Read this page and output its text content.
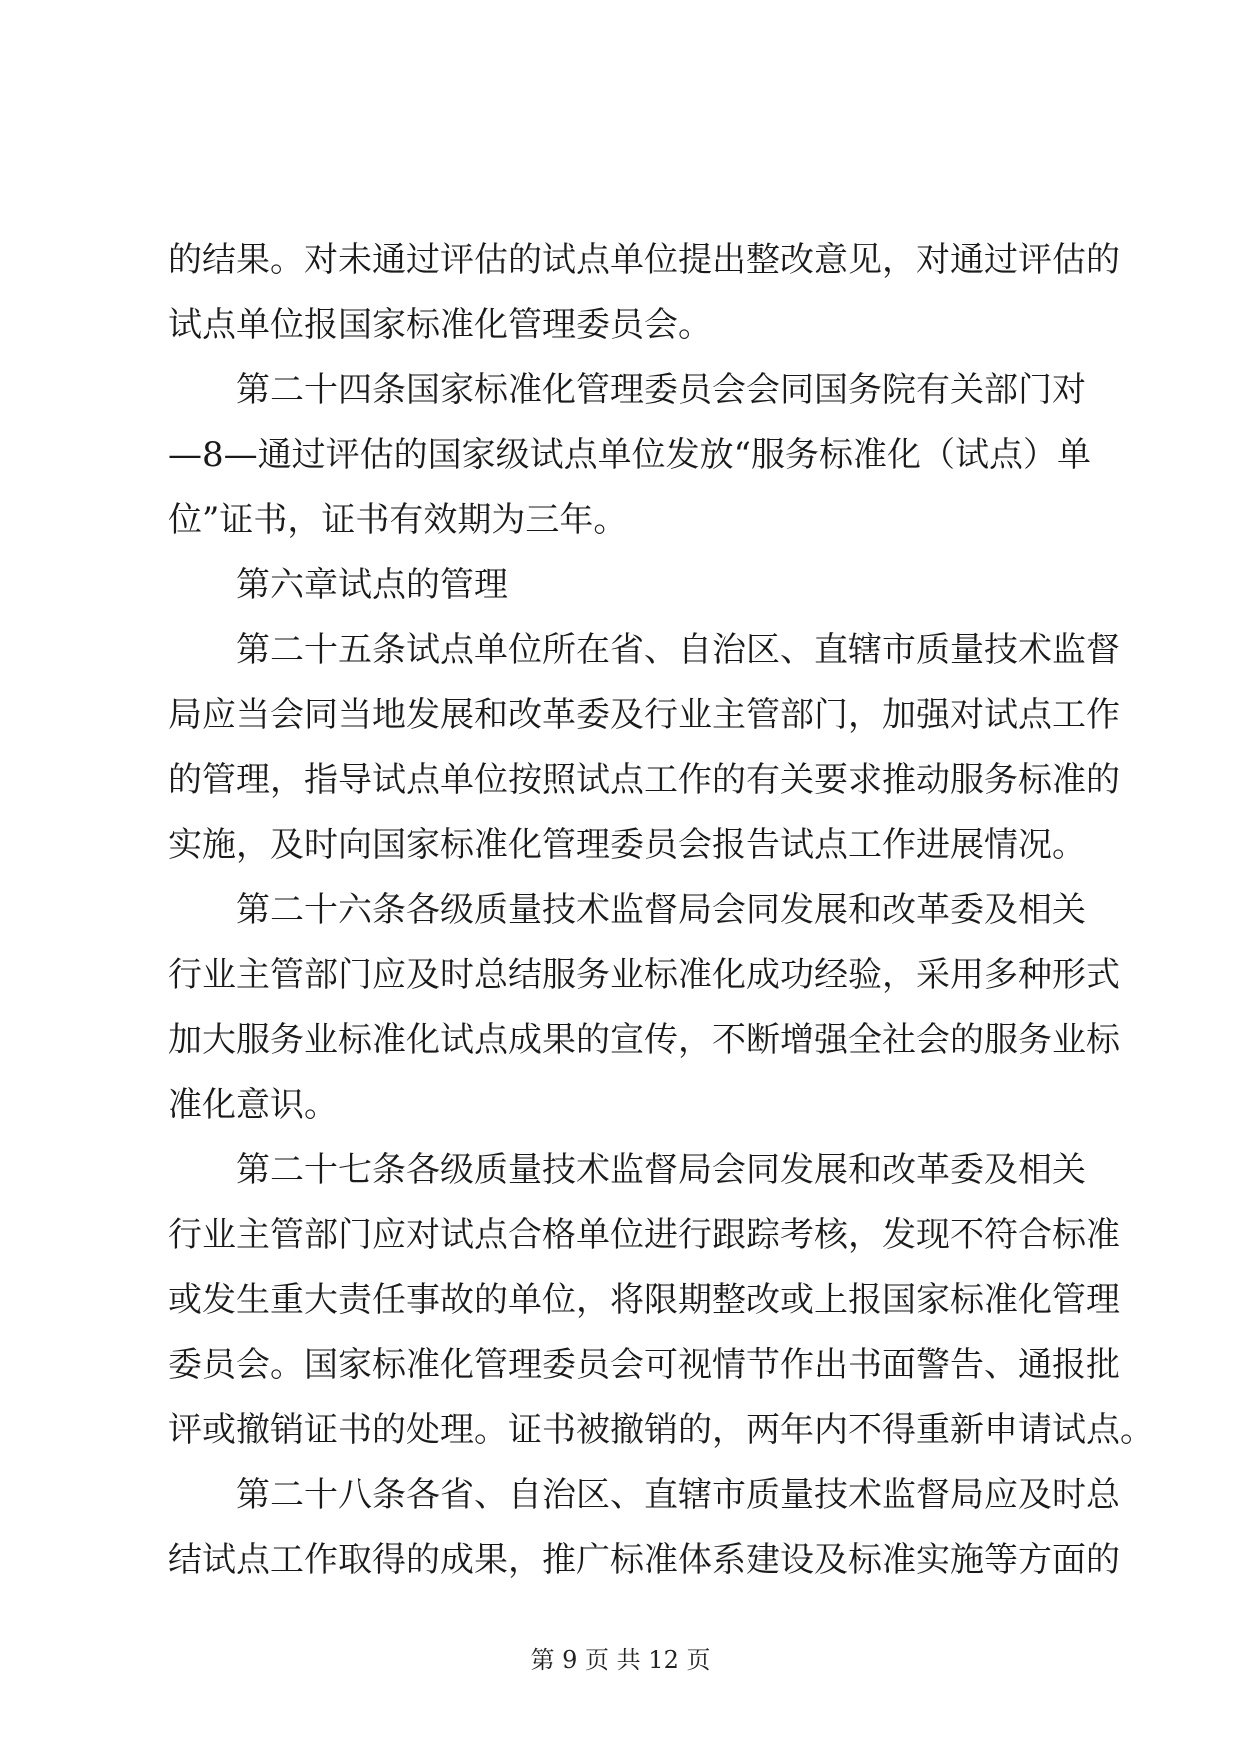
的结果。对未通过评估的试点单位提出整改意见，对通过评估的
试点单位报国家标准化管理委员会。
第二十四条国家标准化管理委员会会同国务院有关部门对
—8—通过评估的国家级试点单位发放“服务标准化（试点）单
位”证书，证书有效期为三年。
第六章试点的管理
第二十五条试点单位所在省、自治区、直辖市质量技术监督
局应当会同当地发展和改革委及行业主管部门，加强对试点工作
的管理，指导试点单位按照试点工作的有关要求推动服务标准的
实施，及时向国家标准化管理委员会报告试点工作进展情况。
第二十六条各级质量技术监督局会同发展和改革委及相关
行业主管部门应及时总结服务业标准化成功经验，采用多种形式
加大服务业标准化试点成果的宣传，不断增强全社会的服务业标
准化意识。
第二十七条各级质量技术监督局会同发展和改革委及相关
行业主管部门应对试点合格单位进行跟踪考核，发现不符合标准
或发生重大责任事故的单位，将限期整改或上报国家标准化管理
委员会。国家标准化管理委员会可视情节作出书面警告、通报批
评或撤销证书的处理。证书被撤销的，两年内不得重新申请试点。
第二十八条各省、自治区、直辖市质量技术监督局应及时总
结试点工作取得的成果，推广标准体系建设及标准实施等方面的
第 9 页 共 12 页
